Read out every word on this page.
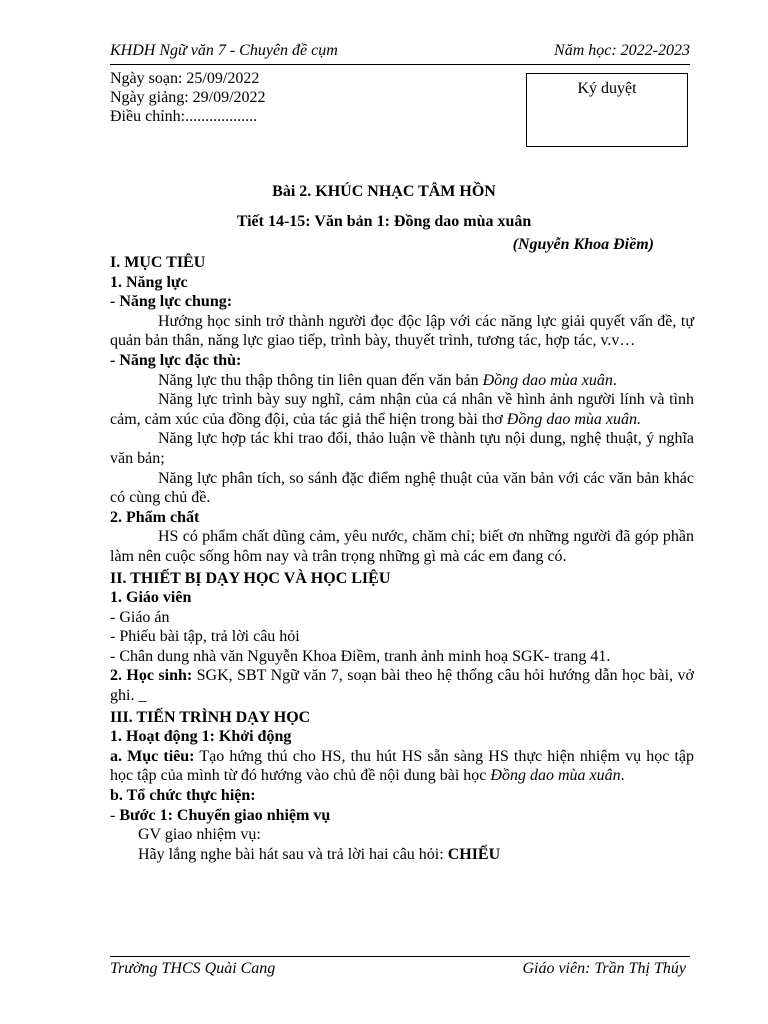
KHDH Ngữ văn 7 - Chuyên đề cụm	Năm học: 2022-2023
Ngày soạn: 25/09/2022
Ngày giảng: 29/09/2022
Điều chỉnh:..................
Ký duyệt
Bài 2. KHÚC NHẠC TÂM HỒN
Tiết 14-15: Văn bản 1: Đồng dao mùa xuân
(Nguyễn Khoa Điềm)

I. MỤC TIÊU

1. Năng lực

- Năng lực chung:

Hướng học sinh trở thành người đọc độc lập với các năng lực giải quyết vấn đề, tự quản bản thân, năng lực giao tiếp, trình bày, thuyết trình, tương tác, hợp tác, v.v…

- Năng lực đặc thù:

Năng lực thu thập thông tin liên quan đến văn bản Đồng dao mùa xuân.

Năng lực trình bày suy nghĩ, cảm nhận của cá nhân về hình ảnh người lính và tình cảm, cảm xúc của đồng đội, của tác giả thể hiện trong bài thơ Đồng dao mùa xuân.

Năng lực hợp tác khi trao đổi, thảo luận về thành tựu nội dung, nghệ thuật, ý nghĩa văn bản;

Năng lực phân tích, so sánh đặc điểm nghệ thuật của văn bản với các văn bản khác có cùng chủ đề.

2. Phẩm chất

HS có phẩm chất dũng cảm, yêu nước, chăm chỉ; biết ơn những người đã góp phần làm nên cuộc sống hôm nay và trân trọng những gì mà các em đang có.

II. THIẾT BỊ DẠY HỌC VÀ HỌC LIỆU

1. Giáo viên

- Giáo án

- Phiếu bài tập, trả lời câu hỏi

- Chân dung nhà văn Nguyễn Khoa Điềm, tranh ảnh minh hoạ SGK- trang 41.

2. Học sinh: SGK, SBT Ngữ văn 7, soạn bài theo hệ thống câu hỏi hướng dẫn học bài, vở ghi. _

III. TIẾN TRÌNH DẠY HỌC

1. Hoạt động 1: Khởi động

a. Mục tiêu: Tạo hứng thú cho HS, thu hút HS sẵn sàng HS thực hiện nhiệm vụ học tập học tập của mình từ đó hướng vào chủ đề nội dung bài học Đồng dao mùa xuân.

b. Tổ chức thực hiện:

- Bước 1: Chuyển giao nhiệm vụ

GV giao nhiệm vụ:

Hãy lắng nghe bài hát sau và trả lời hai câu hỏi: CHIẾU

Trường THCS Quài Cang	Giáo viên: Trần Thị Thúy
